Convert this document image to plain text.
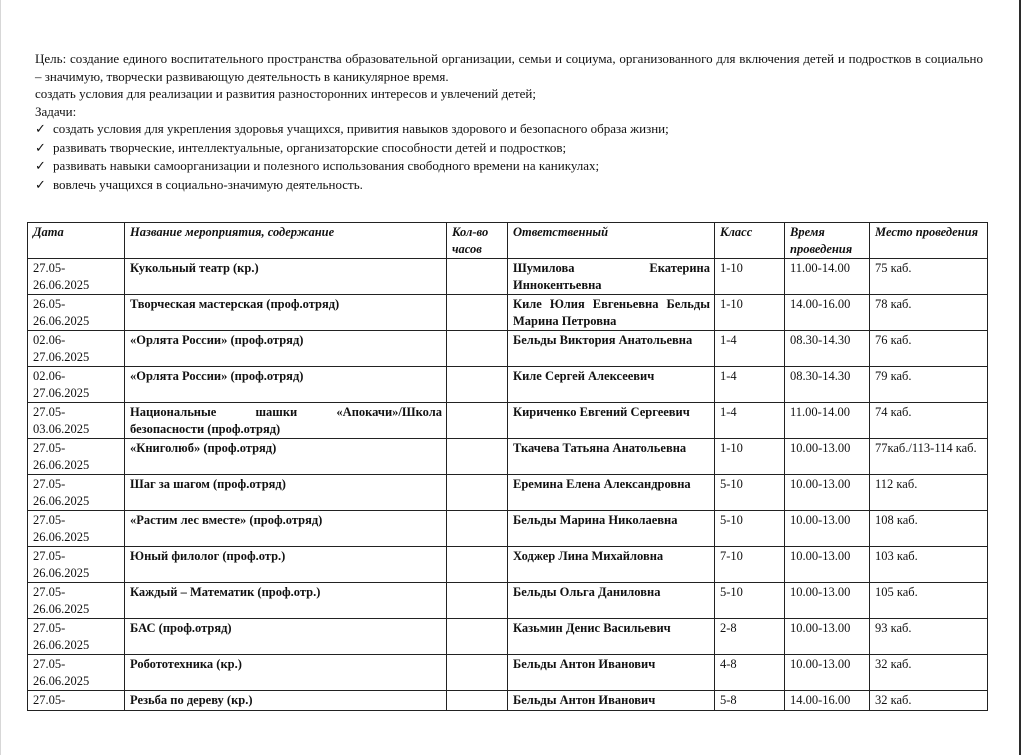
Цель: создание единого воспитательного пространства образовательной организации, семьи и социума, организованного для включения детей и подростков в социально – значимую, творчески развивающую деятельность в каникулярное время.

создать условия для реализации и развития разносторонних интересов и увлечений детей;

Задачи:

✓ создать условия для укрепления здоровья учащихся, привития навыков здорового и безопасного образа жизни;
✓ развивать творческие, интеллектуальные, организаторские способности детей и подростков;
✓ развивать навыки самоорганизации и полезного использования свободного времени на каникулах;
✓ вовлечь учащихся в социально-значимую деятельность.
Дата	Название мероприятия, содержание	Кол-во часов	Ответственный	Класс	Время проведения	Место проведения
27.05-26.06.2025	Кукольный театр (кр.)		Шумилова Екатерина Иннокентьевна	1-10	11.00-14.00	75 каб.
26.05-26.06.2025	Творческая мастерская (проф.отряд)		Киле Юлия Евгеньевна Бельды Марина Петровна	1-10	14.00-16.00	78 каб.
02.06-27.06.2025	«Орлята России» (проф.отряд)		Бельды Виктория Анатольевна	1-4	08.30-14.30	76 каб.
02.06-27.06.2025	«Орлята России» (проф.отряд)		Киле Сергей Алексеевич	1-4	08.30-14.30	79 каб.
27.05-03.06.2025	Национальные шашки «Апокачи»/Школа безопасности (проф.отряд)		Кириченко Евгений Сергеевич	1-4	11.00-14.00	74 каб.
27.05-26.06.2025	«Книголюб» (проф.отряд)		Ткачева Татьяна Анатольевна	1-10	10.00-13.00	77каб./113-114 каб.
27.05-26.06.2025	Шаг за шагом (проф.отряд)		Еремина Елена Александровна	5-10	10.00-13.00	112 каб.
27.05-26.06.2025	«Растим лес вместе» (проф.отряд)		Бельды Марина Николаевна	5-10	10.00-13.00	108 каб.
27.05-26.06.2025	Юный филолог (проф.отр.)		Ходжер Лина Михайловна	7-10	10.00-13.00	103 каб.
27.05-26.06.2025	Каждый – Математик (проф.отр.)		Бельды Ольга Даниловна	5-10	10.00-13.00	105 каб.
27.05-26.06.2025	БАС (проф.отряд)		Казьмин Денис Васильевич	2-8	10.00-13.00	93 каб.
27.05-26.06.2025	Робототехника (кр.)		Бельды Антон Иванович	4-8	10.00-13.00	32 каб.
27.05-	Резьба по дереву (кр.)		Бельды Антон Иванович	5-8	14.00-16.00	32 каб.
